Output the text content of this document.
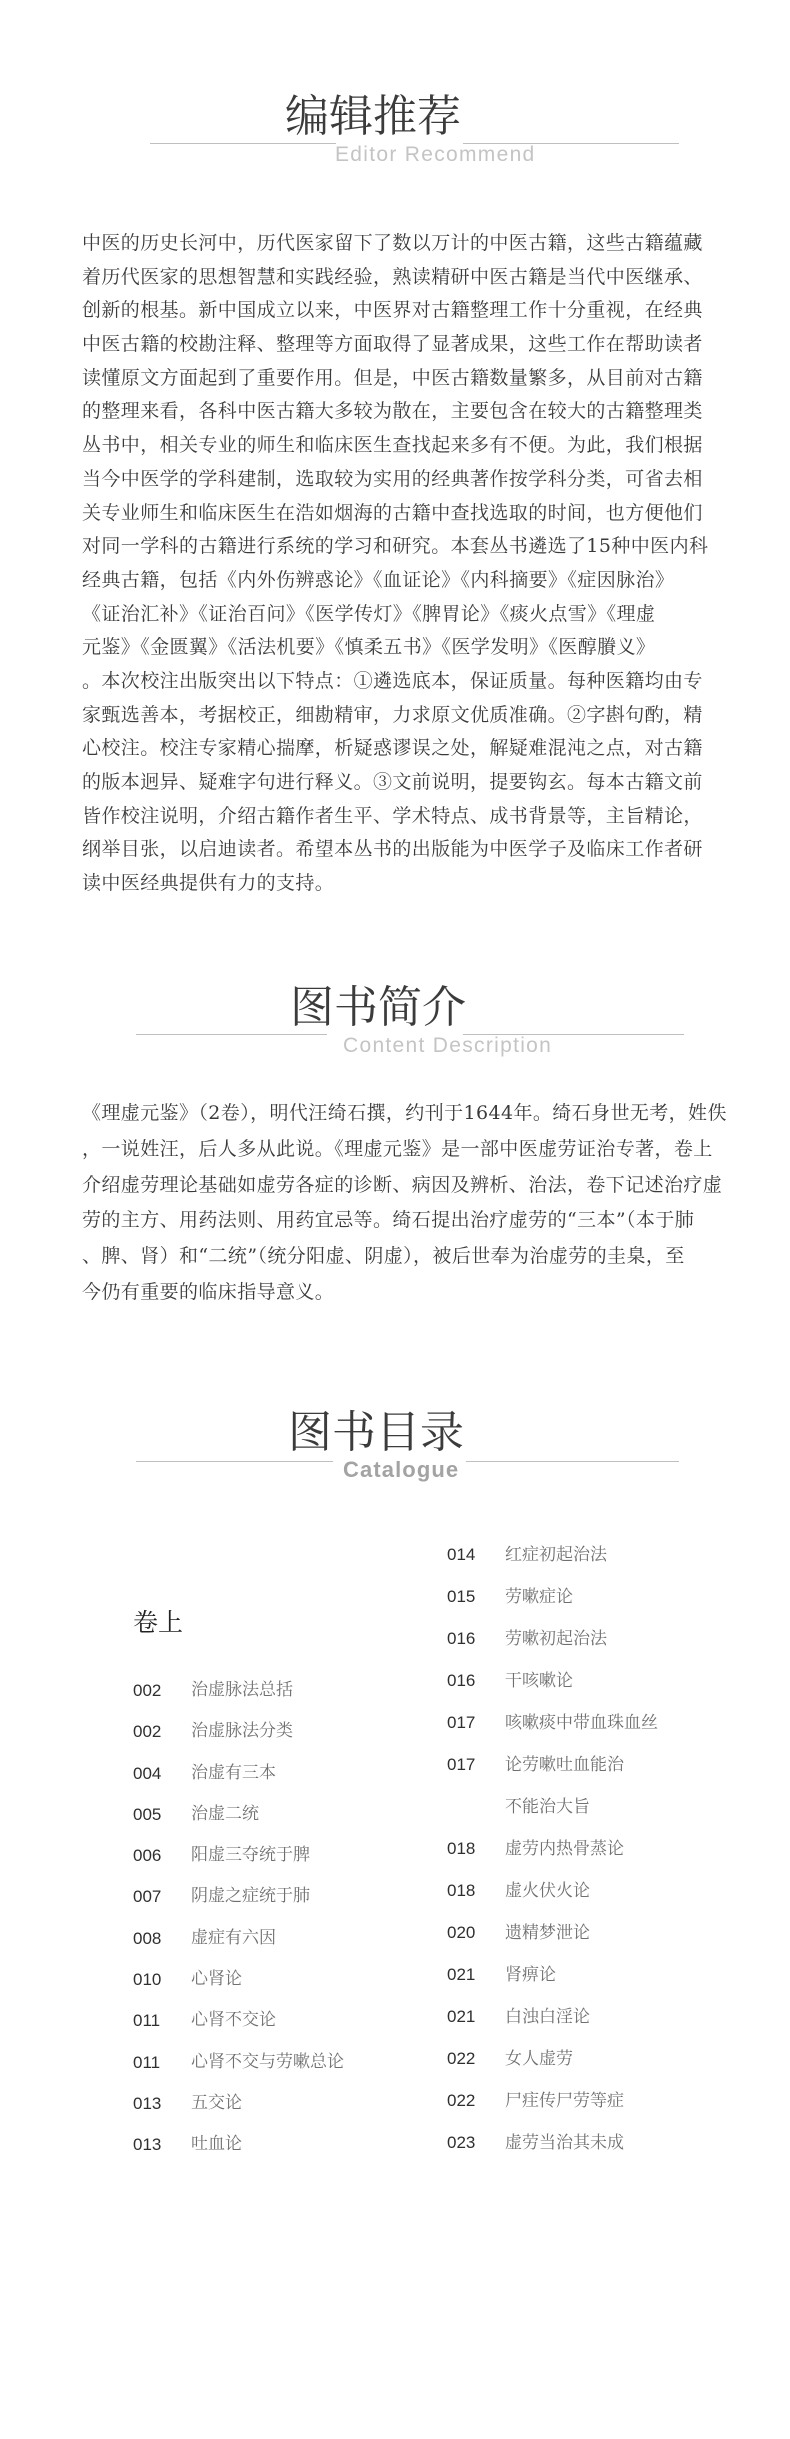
编辑推荐
Editor Recommend
中医的历史长河中，历代医家留下了数以万计的中医古籍，这些古籍蕴藏
着历代医家的思想智慧和实践经验，熟读精研中医古籍是当代中医继承、
创新的根基。新中国成立以来，中医界对古籍整理工作十分重视，在经典
中医古籍的校勘注释、整理等方面取得了显著成果，这些工作在帮助读者
读懂原文方面起到了重要作用。但是，中医古籍数量繁多，从目前对古籍
的整理来看，各科中医古籍大多较为散在，主要包含在较大的古籍整理类
丛书中，相关专业的师生和临床医生查找起来多有不便。为此，我们根据
当今中医学的学科建制，选取较为实用的经典著作按学科分类，可省去相
关专业师生和临床医生在浩如烟海的古籍中查找选取的时间，也方便他们
对同一学科的古籍进行系统的学习和研究。本套丛书遴选了15种中医内科
经典古籍，包括《内外伤辨惑论》《血证论》《内科摘要》《症因脉治》
《证治汇补》《证治百问》《医学传灯》《脾胃论》《痰火点雪》《理虚
元鉴》《金匮翼》《活法机要》《慎柔五书》《医学发明》《医醇賸义》
。本次校注出版突出以下特点：①遴选底本，保证质量。每种医籍均由专
家甄选善本，考据校正，细勘精审，力求原文优质准确。②字斟句酌，精
心校注。校注专家精心揣摩，析疑惑谬误之处，解疑难混沌之点，对古籍
的版本迥异、疑难字句进行释义。③文前说明，提要钩玄。每本古籍文前
皆作校注说明，介绍古籍作者生平、学术特点、成书背景等，主旨精论，
纲举目张，以启迪读者。希望本丛书的出版能为中医学子及临床工作者研
读中医经典提供有力的支持。
图书简介
Content Description
《理虚元鉴》（2卷），明代汪绮石撰，约刊于1644年。绮石身世无考，姓佚
，一说姓汪，后人多从此说。《理虚元鉴》是一部中医虚劳证治专著，卷上
介绍虚劳理论基础如虚劳各症的诊断、病因及辨析、治法，卷下记述治疗虚
劳的主方、用药法则、用药宜忌等。绮石提出治疗虚劳的“三本”（本于肺
、脾、肾）和“二统”（统分阳虚、阴虚），被后世奉为治虚劳的圭臬，至
今仍有重要的临床指导意义。
图书目录
Catalogue
卷上
002 治虚脉法总括
002 治虚脉法分类
004 治虚有三本
005 治虚二统
006 阳虚三夺统于脾
007 阴虚之症统于肺
008 虚症有六因
010 心肾论
011 心肾不交论
011 心肾不交与劳嗽总论
013 五交论
013 吐血论
014 红症初起治法
015 劳嗽症论
016 劳嗽初起治法
016 干咳嗽论
017 咳嗽痰中带血珠血丝
017 论劳嗽吐血能治
不能治大旨
018 虚劳内热骨蒸论
018 虚火伏火论
020 遗精梦泄论
021 肾痹论
021 白浊白淫论
022 女人虚劳
022 尸疰传尸劳等症
023 虚劳当治其未成
